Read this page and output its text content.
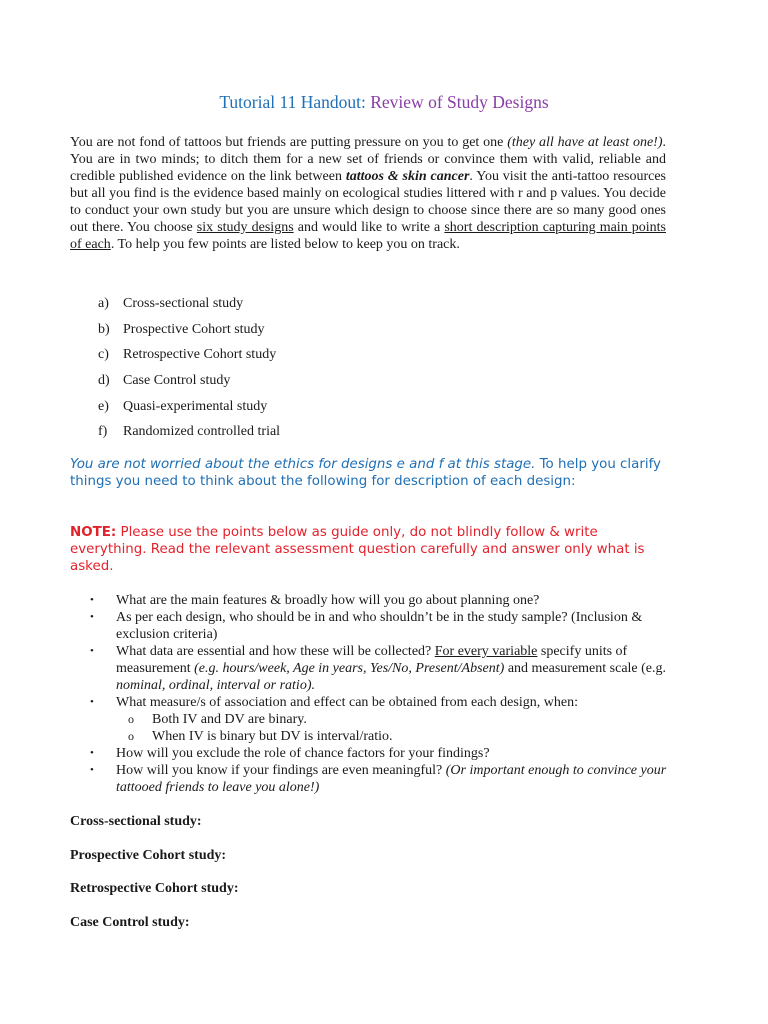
Tutorial 11 Handout: Review of Study Designs
You are not fond of tattoos but friends are putting pressure on you to get one (they all have at least one!). You are in two minds; to ditch them for a new set of friends or convince them with valid, reliable and credible published evidence on the link between tattoos & skin cancer. You visit the anti-tattoo resources but all you find is the evidence based mainly on ecological studies littered with r and p values. You decide to conduct your own study but you are unsure which design to choose since there are so many good ones out there. You choose six study designs and would like to write a short description capturing main points of each. To help you few points are listed below to keep you on track.
a)	Cross-sectional study
b) Prospective Cohort study
c)	Retrospective Cohort study
d) Case Control study
e)	Quasi-experimental study
f)	Randomized controlled trial
You are not worried about the ethics for designs e and f at this stage. To help you clarify things you need to think about the following for description of each design:
NOTE: Please use the points below as guide only, do not blindly follow & write everything. Read the relevant assessment question carefully and answer only what is asked.
•	What are the main features & broadly how will you go about planning one?
•	As per each design, who should be in and who shouldn’t be in the study sample? (Inclusion & exclusion criteria)
•	What data are essential and how these will be collected? For every variable specify units of measurement (e.g. hours/week, Age in years, Yes/No, Present/Absent) and measurement scale (e.g. nominal, ordinal, interval or ratio).
•	What measure/s of association and effect can be obtained from each design, when:
o	Both IV and DV are binary.
o	When IV is binary but DV is interval/ratio.
•	How will you exclude the role of chance factors for your findings?
•	How will you know if your findings are even meaningful? (Or important enough to convince your tattooed friends to leave you alone!)
Cross-sectional study:
Prospective Cohort study:
Retrospective Cohort study:
Case Control study:
